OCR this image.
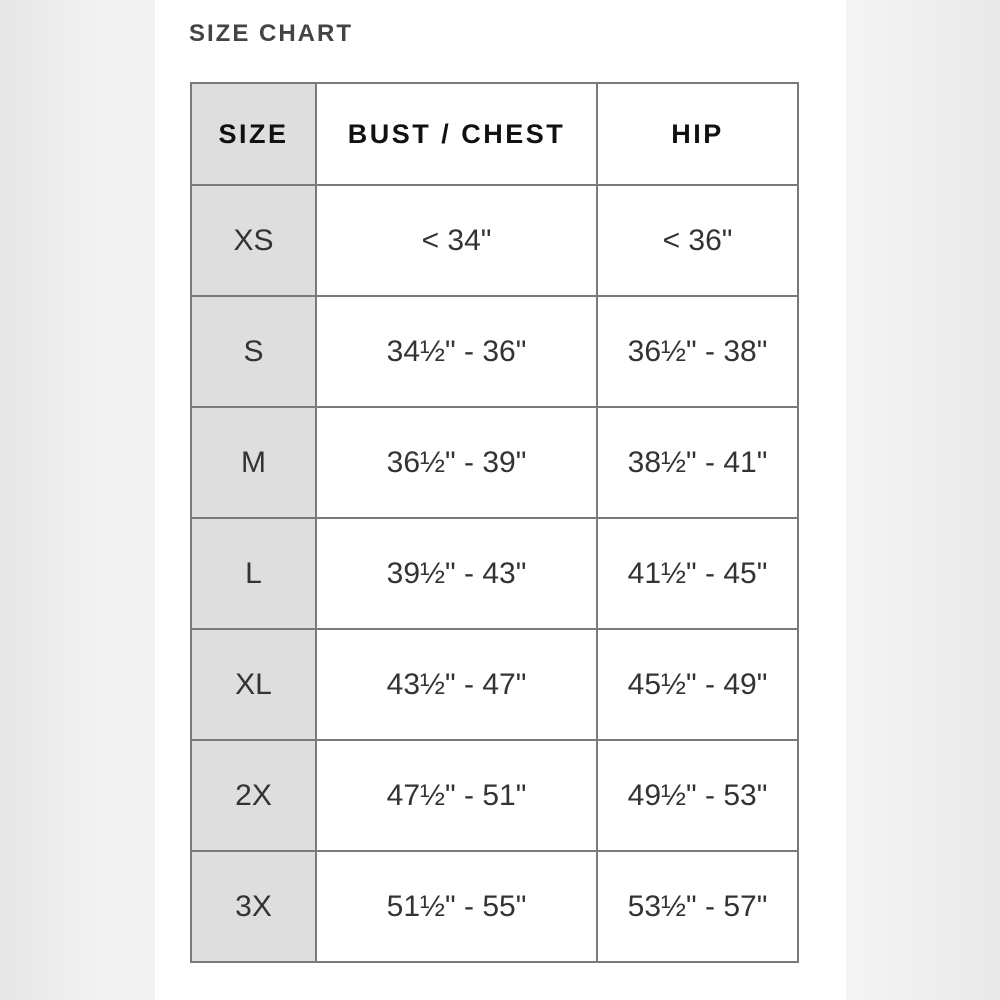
SIZE CHART
SIZE	BUST / CHEST	HIP
XS	< 34"	< 36"
S	34½" - 36"	36½" - 38"
M	36½" - 39"	38½" - 41"
L	39½" - 43"	41½" - 45"
XL	43½" - 47"	45½" - 49"
2X	47½" - 51"	49½" - 53"
3X	51½" - 55"	53½" - 57"
